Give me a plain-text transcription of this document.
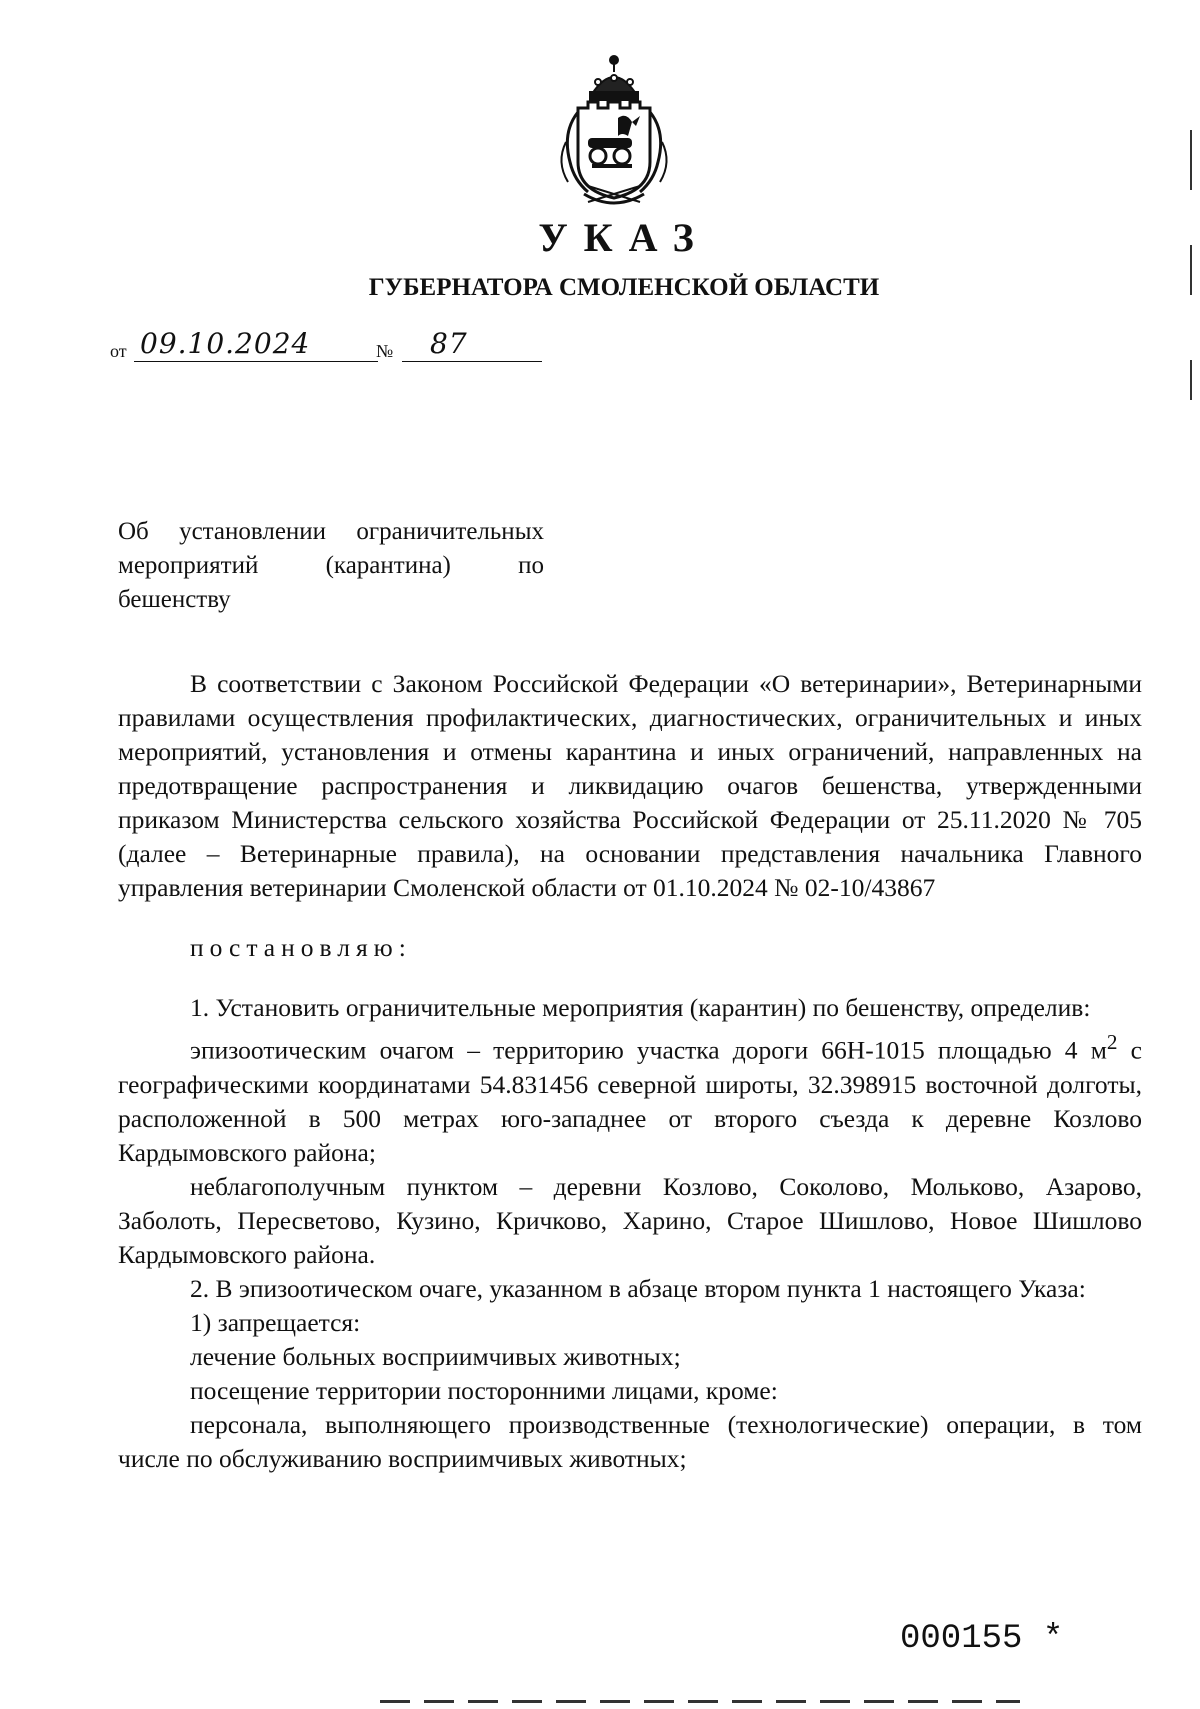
УКАЗ
ГУБЕРНАТОРА СМОЛЕНСКОЙ ОБЛАСТИ
от 09.10.2024	№ 87
Об установлении ограничительных
мероприятий (карантина) по
бешенству

В соответствии с Законом Российской Федерации «О ветеринарии», Ветеринарными правилами осуществления профилактических, диагностических, ограничительных и иных мероприятий, установления и отмены карантина и иных ограничений, направленных на предотвращение распространения и ликвидацию очагов бешенства, утвержденными приказом Министерства сельского хозяйства Российской Федерации от 25.11.2020 № 705 (далее – Ветеринарные правила), на основании представления начальника Главного управления ветеринарии Смоленской области от 01.10.2024 № 02-10/43867

постановляю:

1. Установить ограничительные мероприятия (карантин) по бешенству, определив:

эпизоотическим очагом – территорию участка дороги 66Н-1015 площадью 4 $м^2$ с географическими координатами 54.831456 северной широты, 32.398915 восточной долготы, расположенной в 500 метрах юго-западнее от второго съезда к деревне Козлово Кардымовского района;

неблагополучным пунктом – деревни Козлово, Соколово, Мольково, Азарово, Заболоть, Пересветово, Кузино, Кричково, Харино, Старое Шишлово, Новое Шишлово Кардымовского района.

2. В эпизоотическом очаге, указанном в абзаце втором пункта 1 настоящего Указа:

1) запрещается:

лечение больных восприимчивых животных;

посещение территории посторонними лицами, кроме:

персонала, выполняющего производственные (технологические) операции, в том числе по обслуживанию восприимчивых животных;

000155 *
